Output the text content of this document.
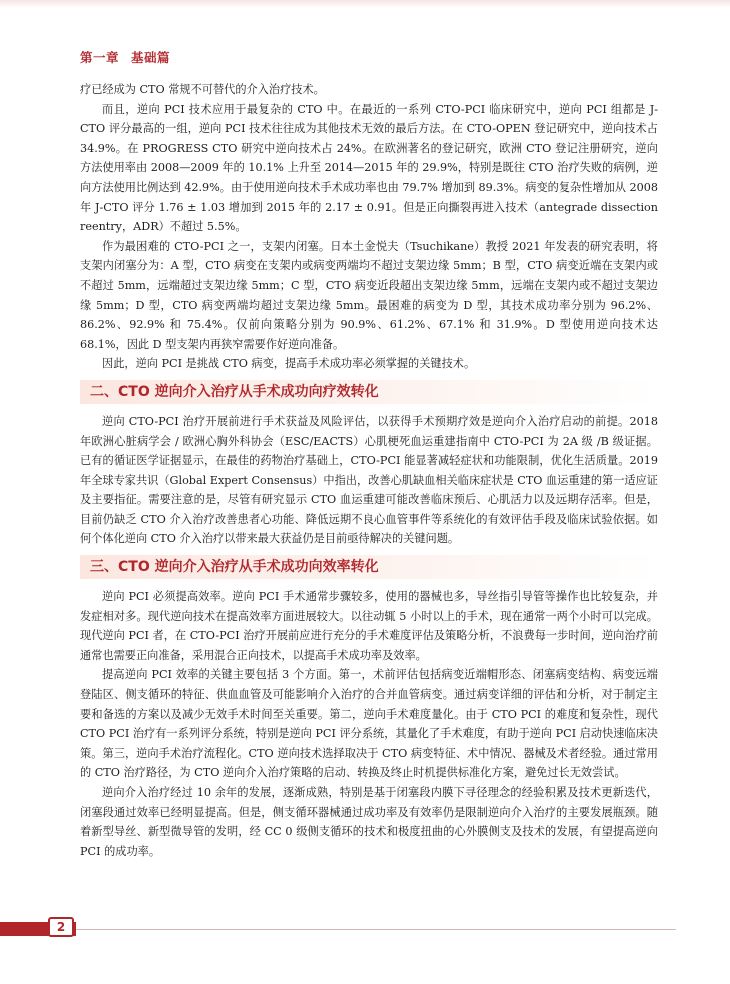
第一章 基础篇

疗已经成为 CTO 常规不可替代的介入治疗技术。

而且，逆向 PCI 技术应用于最复杂的 CTO 中。在最近的一系列 CTO-PCI 临床研究中，逆向 PCI 组都是 J-CTO 评分最高的一组，逆向 PCI 技术往往成为其他技术无效的最后方法。在 CTO-OPEN 登记研究中，逆向技术占 34.9%。在 PROGRESS CTO 研究中逆向技术占 24%。在欧洲著名的登记研究，欧洲 CTO 登记注册研究，逆向方法使用率由 2008—2009 年的 10.1% 上升至 2014—2015 年的 29.9%，特别是既往 CTO 治疗失败的病例，逆向方法使用比例达到 42.9%。由于使用逆向技术手术成功率也由 79.7% 增加到 89.3%。病变的复杂性增加从 2008 年 J-CTO 评分 1.76 ± 1.03 增加到 2015 年的 2.17 ± 0.91。但是正向撕裂再进入技术（antegrade dissection reentry，ADR）不超过 5.5%。

作为最困难的 CTO-PCI 之一，支架内闭塞。日本土金悦夫（Tsuchikane）教授 2021 年发表的研究表明，将支架内闭塞分为：A 型，CTO 病变在支架内或病变两端均不超过支架边缘 5mm；B 型，CTO 病变近端在支架内或不超过 5mm，远端超过支架边缘 5mm；C 型，CTO 病变近段超出支架边缘 5mm，远端在支架内或不超过支架边缘 5mm；D 型，CTO 病变两端均超过支架边缘 5mm。最困难的病变为 D 型，其技术成功率分别为 96.2%、86.2%、92.9% 和 75.4%。仅前向策略分别为 90.9%、61.2%、67.1% 和 31.9%。D 型使用逆向技术达 68.1%，因此 D 型支架内再狭窄需要作好逆向准备。

因此，逆向 PCI 是挑战 CTO 病变，提高手术成功率必须掌握的关键技术。

二、CTO 逆向介入治疗从手术成功向疗效转化

逆向 CTO-PCI 治疗开展前进行手术获益及风险评估，以获得手术预期疗效是逆向介入治疗启动的前提。2018 年欧洲心脏病学会 / 欧洲心胸外科协会（ESC/EACTS）心肌梗死血运重建指南中 CTO-PCI 为 2A 级 /B 级证据。已有的循证医学证据显示，在最佳的药物治疗基础上，CTO-PCI 能显著减轻症状和功能限制，优化生活质量。2019 年全球专家共识（Global Expert Consensus）中指出，改善心肌缺血相关临床症状是 CTO 血运重建的第一适应证及主要指征。需要注意的是，尽管有研究显示 CTO 血运重建可能改善临床预后、心肌活力以及远期存活率。但是，目前仍缺乏 CTO 介入治疗改善患者心功能、降低远期不良心血管事件等系统化的有效评估手段及临床试验依据。如何个体化逆向 CTO 介入治疗以带来最大获益仍是目前亟待解决的关键问题。

三、CTO 逆向介入治疗从手术成功向效率转化

逆向 PCI 必须提高效率。逆向 PCI 手术通常步骤较多，使用的器械也多，导丝指引导管等操作也比较复杂，并发症相对多。现代逆向技术在提高效率方面进展较大。以往动辄 5 小时以上的手术，现在通常一两个小时可以完成。现代逆向 PCI 者，在 CTO-PCI 治疗开展前应进行充分的手术难度评估及策略分析，不浪费每一步时间，逆向治疗前通常也需要正向准备，采用混合正向技术，以提高手术成功率及效率。

提高逆向 PCI 效率的关键主要包括 3 个方面。第一，术前评估包括病变近端帽形态、闭塞病变结构、病变远端登陆区、侧支循环的特征、供血血管及可能影响介入治疗的合并血管病变。通过病变详细的评估和分析，对于制定主要和备选的方案以及减少无效手术时间至关重要。第二，逆向手术难度量化。由于 CTO PCI 的难度和复杂性，现代 CTO PCI 治疗有一系列评分系统，特别是逆向 PCI 评分系统，其量化了手术难度，有助于逆向 PCI 启动快速临床决策。第三，逆向手术治疗流程化。CTO 逆向技术选择取决于 CTO 病变特征、术中情况、器械及术者经验。通过常用的 CTO 治疗路径，为 CTO 逆向介入治疗策略的启动、转换及终止时机提供标准化方案，避免过长无效尝试。

逆向介入治疗经过 10 余年的发展，逐渐成熟，特别是基于闭塞段内膜下寻径理念的经验积累及技术更新迭代，闭塞段通过效率已经明显提高。但是，侧支循环器械通过成功率及有效率仍是限制逆向介入治疗的主要发展瓶颈。随着新型导丝、新型微导管的发明，经 CC 0 级侧支循环的技术和极度扭曲的心外膜侧支及技术的发展，有望提高逆向 PCI 的成功率。

2
